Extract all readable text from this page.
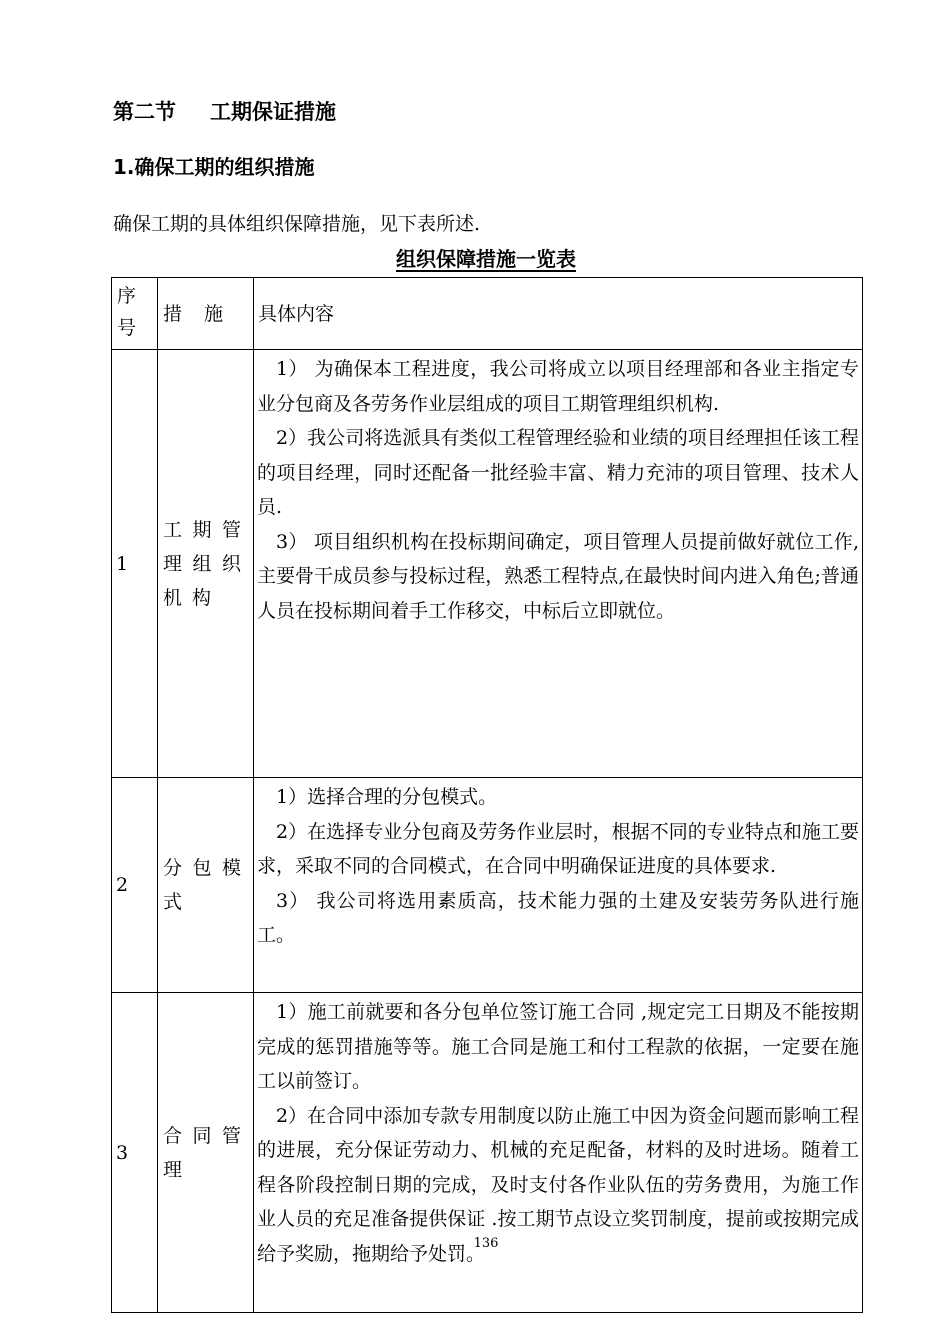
第二节 工期保证措施
1.确保工期的组织措施
确保工期的具体组织保障措施，见下表所述.
组织保障措施一览表
序号	措 施	具体内容
1	工期管理组织机构	1） 为确保本工程进度，我公司将成立以项目经理部和各业主指定专业分包商及各劳务作业层组成的项目工期管理组织机构.

2）我公司将选派具有类似工程管理经验和业绩的项目经理担任该工程的项目经理，同时还配备一批经验丰富、精力充沛的项目管理、技术人员.

3） 项目组织机构在投标期间确定，项目管理人员提前做好就位工作,主要骨干成员参与投标过程，熟悉工程特点,在最快时间内进入角色;普通人员在投标期间着手工作移交，中标后立即就位。

2	分包模式	1）选择合理的分包模式。

2）在选择专业分包商及劳务作业层时，根据不同的专业特点和施工要求，采取不同的合同模式，在合同中明确保证进度的具体要求.

3） 我公司将选用素质高，技术能力强的土建及安装劳务队进行施工。

3	合同管理	1）施工前就要和各分包单位签订施工合同 ,规定完工日期及不能按期完成的惩罚措施等等。施工合同是施工和付工程款的依据，一定要在施工以前签订。

2）在合同中添加专款专用制度以防止施工中因为资金问题而影响工程的进展，充分保证劳动力、机械的充足配备，材料的及时进场。随着工程各阶段控制日期的完成，及时支付各作业队伍的劳务费用，为施工作业人员的充足准备提供保证 .按工期节点设立奖罚制度，提前或按期完成给予奖励，拖期给予处罚。

136
